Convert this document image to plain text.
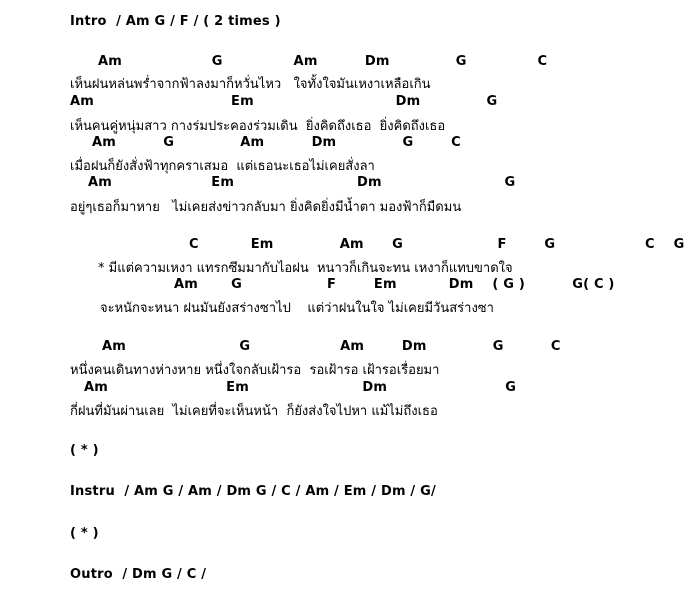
Intro  / Am G / F / ( 2 times )
Am                   G               Am          Dm              G               C
เห็นฝนหล่นพร่ำจากฟ้าลงมาก็หวั่นไหว   ใจทั้งใจมันเหงาเหลือเกิน
Am                             Em                              Dm              G
เห็นคนคู่หนุ่มสาว กางร่มประคองร่วมเดิน  ยิ่งคิดถึงเธอ  ยิ่งคิดถึงเธอ
Am          G              Am          Dm              G        C
เมื่อฝนก็ยังสั่งฟ้าทุกคราเสมอ  แต่เธอนะเธอไม่เคยสั่งลา
Am                     Em                          Dm                          G
อยู่ๆเธอก็มาหาย   ไม่เคยส่งข่าวกลับมา ยิ่งคิดยิ่งมีน้ำตา มองฟ้าก็มืดมน
C           Em              Am      G                    F        G                   C    G
* มีแต่ความเหงา แทรกซึมมากับไอฝน  หนาวก็เกินจะทน เหงาก็แทบขาดใจ
Am       G                  F        Em           Dm    ( G )          G( C )
จะหนักจะหนา ฝนมันยังสร่างซาไป    แต่ว่าฝนในใจ ไม่เคยมีวันสร่างซา
Am                        G                   Am        Dm              G          C
หนึ่งคนเดินทางห่างหาย หนึ่งใจกลับเฝ้ารอ  รอเฝ้ารอ เฝ้ารอเรื่อยมา
Am                         Em                        Dm                         G
กี่ฝนที่มันผ่านเลย  ไม่เคยที่จะเห็นหน้า  ก็ยังส่งใจไปหา แม้ไม่ถึงเธอ
( * )
Instru  / Am G / Am / Dm G / C / Am / Em / Dm / G/
( * )
Outro  / Dm G / C /
